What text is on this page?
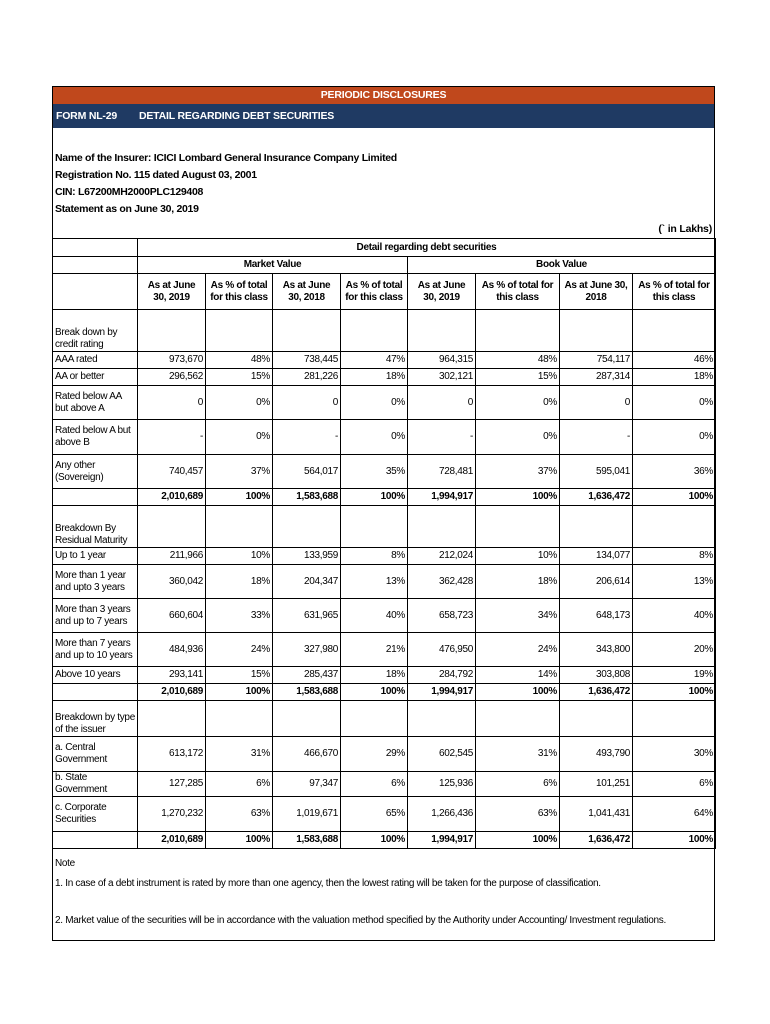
PERIODIC DISCLOSURES
FORM NL-29 DETAIL REGARDING DEBT SECURITIES
Name of the Insurer: ICICI Lombard General Insurance Company Limited
Registration No. 115 dated August 03, 2001
CIN: L67200MH2000PLC129408
Statement as on June 30, 2019
(` in Lakhs)
	Detail regarding debt securities							
	Market Value				Book Value			
	As at June 30, 2019	As % of total for this class	As at June 30, 2018	As % of total for this class	As at June 30, 2019	As % of total for this class	As at June 30, 2018	As % of total for this class
Break down by credit rating								
AAA rated	973,670	48%	738,445	47%	964,315	48%	754,117	46%
AA or better	296,562	15%	281,226	18%	302,121	15%	287,314	18%
Rated below AA but above A	0	0%	0	0%	0	0%	0	0%
Rated below A but above B	-	0%	-	0%	-	0%	-	0%
Any other (Sovereign)	740,457	37%	564,017	35%	728,481	37%	595,041	36%
	2,010,689	100%	1,583,688	100%	1,994,917	100%	1,636,472	100%
Breakdown By Residual Maturity								
Up to 1 year	211,966	10%	133,959	8%	212,024	10%	134,077	8%
More than 1 year and upto 3 years	360,042	18%	204,347	13%	362,428	18%	206,614	13%
More than 3 years and up to 7 years	660,604	33%	631,965	40%	658,723	34%	648,173	40%
More than 7 years and up to 10 years	484,936	24%	327,980	21%	476,950	24%	343,800	20%
Above 10 years	293,141	15%	285,437	18%	284,792	14%	303,808	19%
	2,010,689	100%	1,583,688	100%	1,994,917	100%	1,636,472	100%
Breakdown by type of the issuer								
a. Central Government	613,172	31%	466,670	29%	602,545	31%	493,790	30%
b. State Government	127,285	6%	97,347	6%	125,936	6%	101,251	6%
c. Corporate Securities	1,270,232	63%	1,019,671	65%	1,266,436	63%	1,041,431	64%
	2,010,689	100%	1,583,688	100%	1,994,917	100%	1,636,472	100%
Note
1. In case of a debt instrument is rated by more than one agency, then the lowest rating will be taken for the purpose of classification.
2. Market value of the securities will be in accordance with the valuation method specified by the Authority under Accounting/ Investment regulations.
